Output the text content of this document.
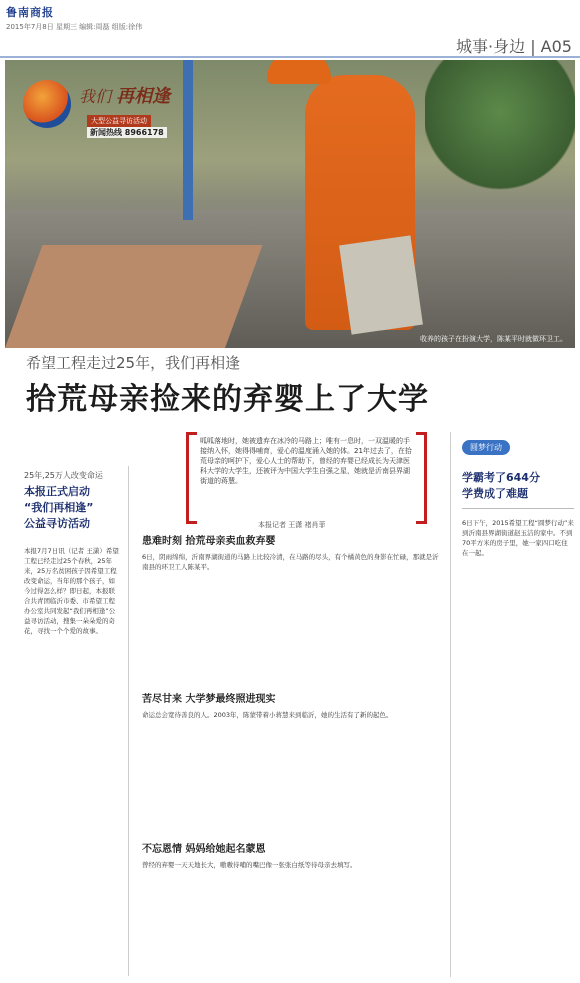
鲁南商报
2015年7月8日 星期三 编辑:周磊 组版:徐伟
城事·身边 | A05
我们 再相逢
大型公益寻访活动
新闻热线 8966178
收养的孩子在扮演大学，陈某平时就做环卫工。
希望工程走过25年，我们再相逢
拾荒母亲捡来的弃婴上了大学
呱呱落地时，她被遗弃在冰冷的马路上；唯有一息时，一双温暖的手接纳入怀，她得得哺育，爱心的温度涌入她的体。21年过去了，在拾荒母亲的呵护下，爱心人士的帮助下，曾经的弃婴已经成长为天津医科大学的大学生，还被评为中国大学生自强之星，她就是沂南县界湖街道的蒋慧。
本报记者 王潇 褚肖菲
25年,25万人改变命运
本报正式启动
“我们再相逢”
公益寻访活动
本报7月7日讯（记者 王潇）希望工程已经走过25个春秋，25年来，25万名贫困孩子因希望工程改变命运，当年的那个孩子，如今过得怎么样？即日起，本报联合共青团临沂市委、市希望工程办公室共同发起“我们再相逢”公益寻访活动，搜集一朵朵爱的奇花，寻找一个个爱的故事。
患难时刻 拾荒母亲卖血救弃婴
6日，阴雨绵绵，沂南界湖街道的马路上比较冷清，在马路的尽头，有个橘黄色的身影在忙碌，那就是沂南县的环卫工人陈某平。
苦尽甘来 大学梦最终照进现实
命运总会宽待善良的人。2003年，陈蒙带着小蒋慧来到临沂，她的生活有了新的起色。
不忘恩情 妈妈给她起名蒙恩
曾经的弃婴一天天地长大，嗷嗷待哺的嘴巴像一张张白纸等待母亲去填写。
圆梦行动
学霸考了644分
学费成了难题
6日下午，2015希望工程“圆梦行动”来到沂南县界湖街道赵玉洁的家中。不到70平方米的房子里，她一家四口吃住在一起。
